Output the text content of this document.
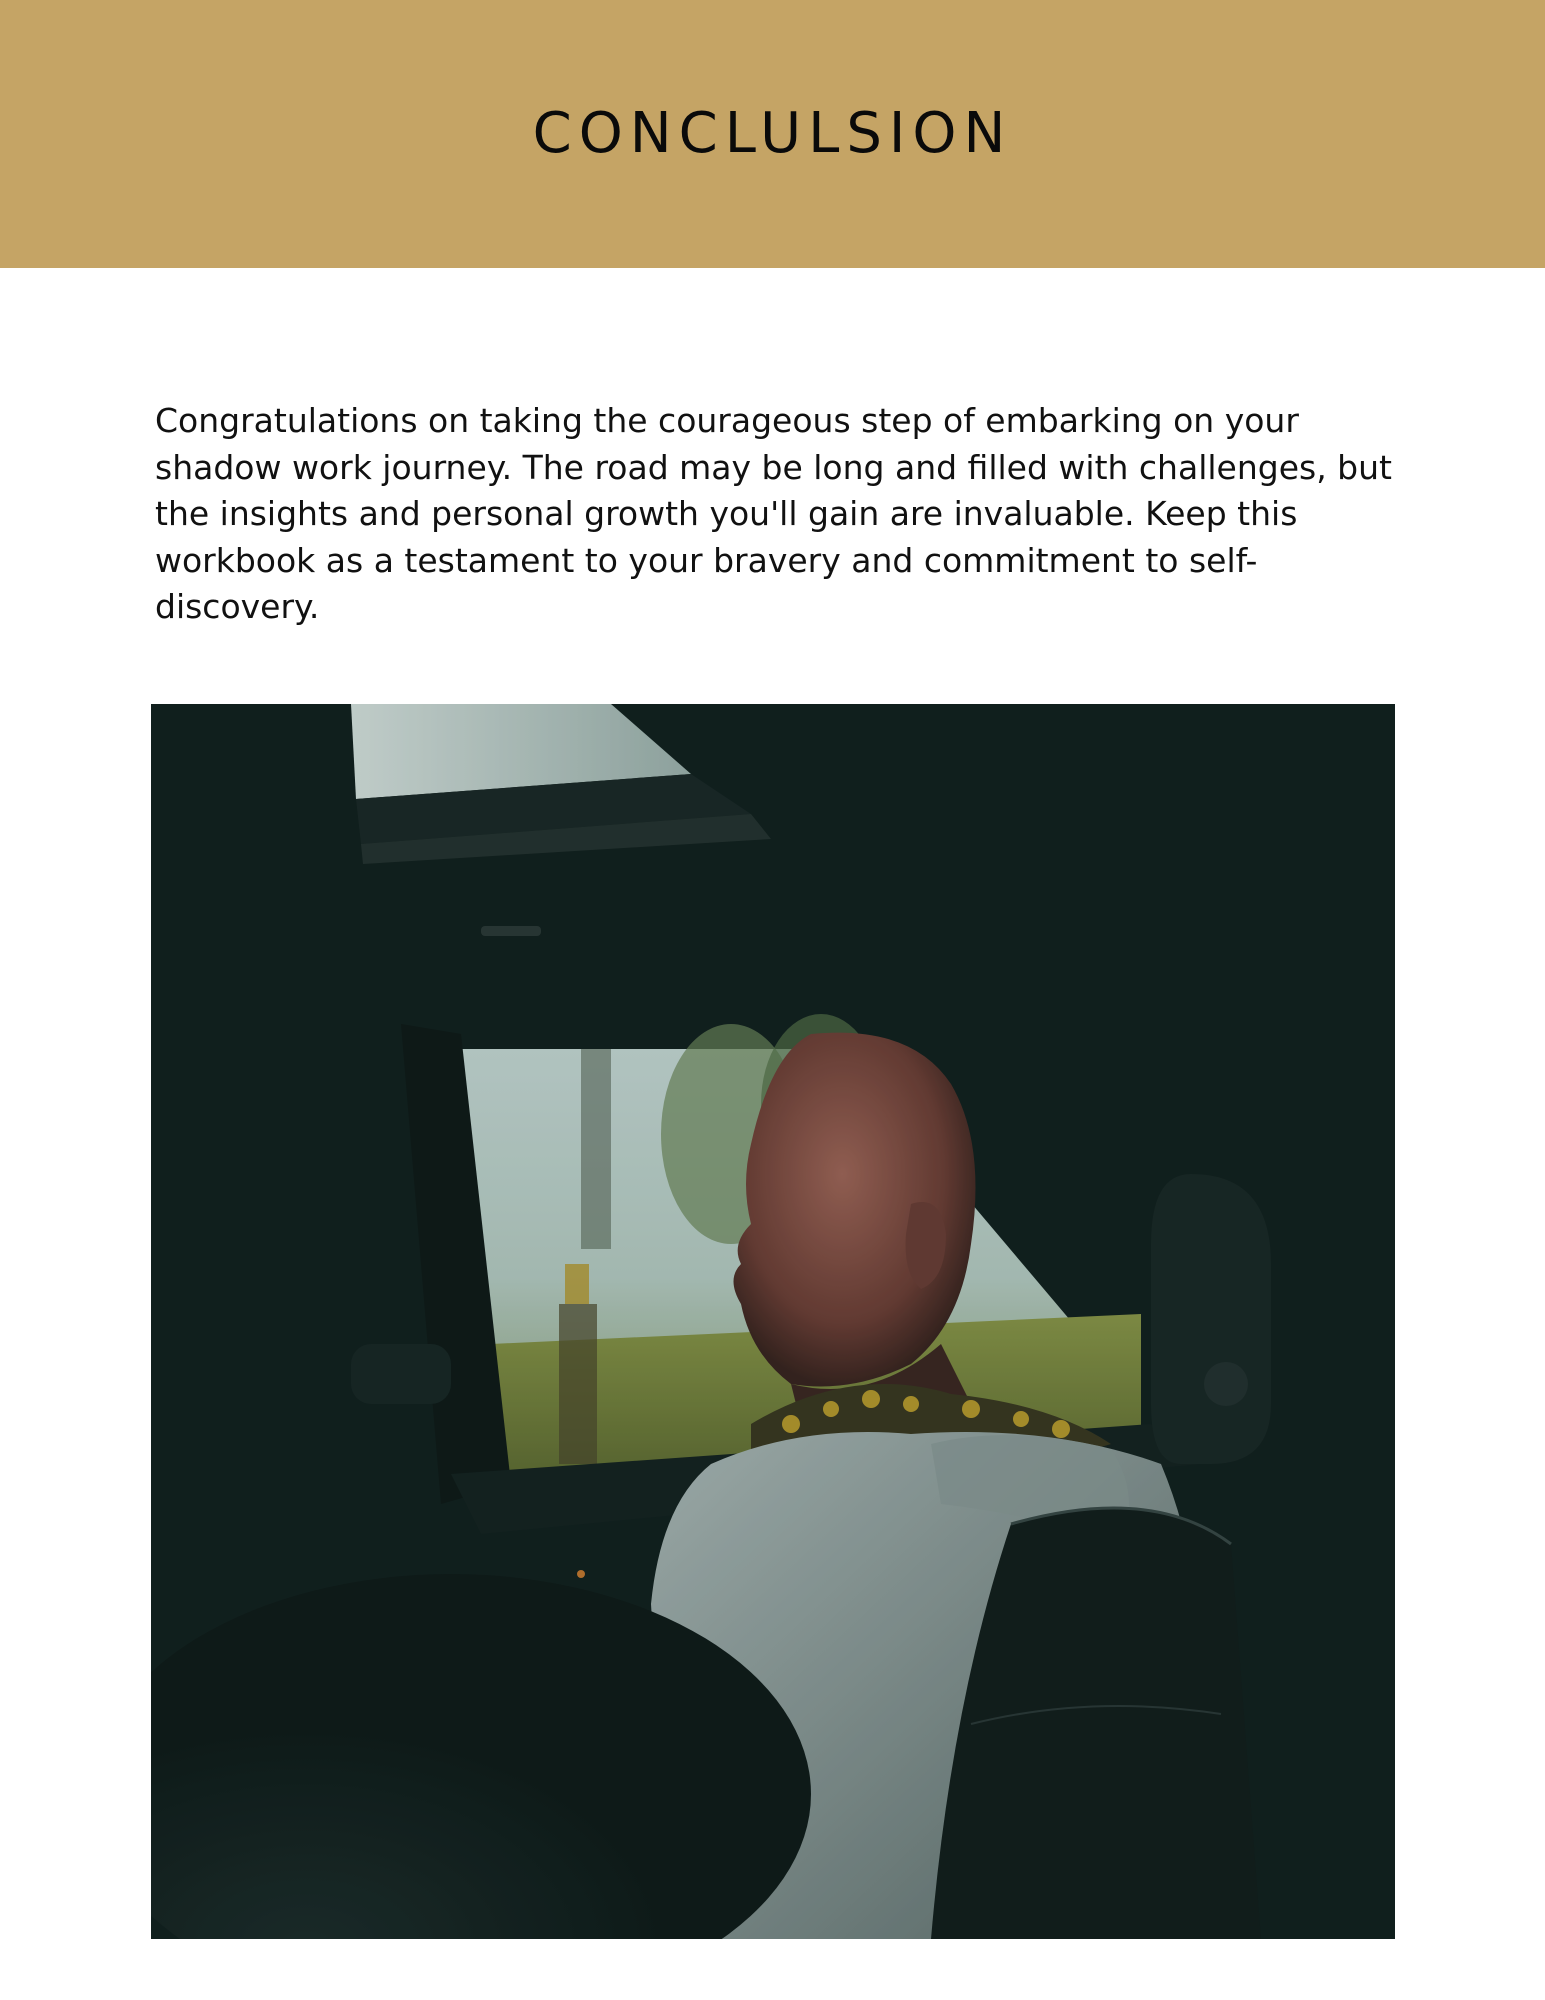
CONCLULSION

Congratulations on taking the courageous step of embarking on your shadow work journey. The road may be long and filled with challenges, but the insights and personal growth you'll gain are invaluable. Keep this workbook as a testament to your bravery and commitment to self-discovery.
